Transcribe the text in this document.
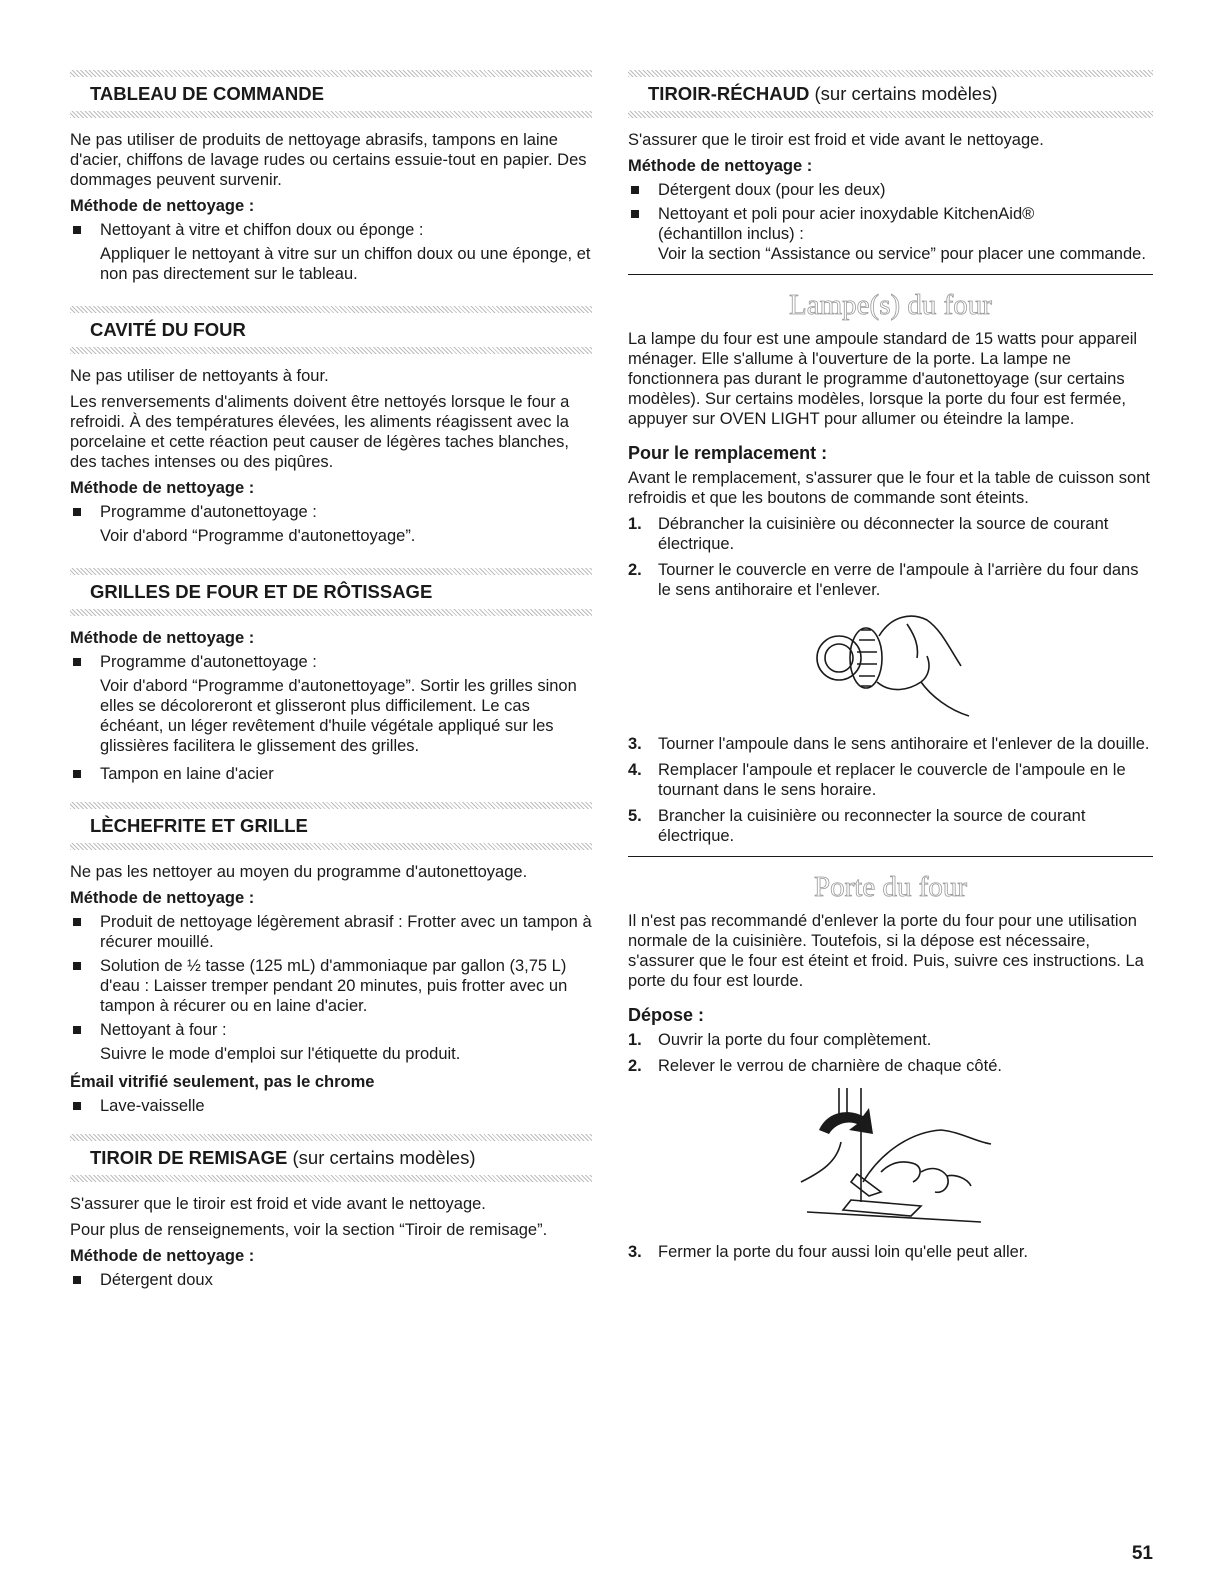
TABLEAU DE COMMANDE

Ne pas utiliser de produits de nettoyage abrasifs, tampons en laine d'acier, chiffons de lavage rudes ou certains essuie-tout en papier. Des dommages peuvent survenir.

Méthode de nettoyage :
Nettoyant à vitre et chiffon doux ou éponge :
Appliquer le nettoyant à vitre sur un chiffon doux ou une éponge, et non pas directement sur le tableau.
CAVITÉ DU FOUR

Ne pas utiliser de nettoyants à four.

Les renversements d'aliments doivent être nettoyés lorsque le four a refroidi. À des températures élevées, les aliments réagissent avec la porcelaine et cette réaction peut causer de légères taches blanches, des taches intenses ou des piqûres.

Méthode de nettoyage :
Programme d'autonettoyage :
Voir d'abord “Programme d'autonettoyage”.
GRILLES DE FOUR ET DE RÔTISSAGE
Méthode de nettoyage :
Programme d'autonettoyage :
Voir d'abord “Programme d'autonettoyage”. Sortir les grilles sinon elles se décoloreront et glisseront plus difficilement. Le cas échéant, un léger revêtement d'huile végétale appliqué sur les glissières facilitera le glissement des grilles.
Tampon en laine d'acier
LÈCHEFRITE ET GRILLE

Ne pas les nettoyer au moyen du programme d'autonettoyage.

Méthode de nettoyage :
Produit de nettoyage légèrement abrasif : Frotter avec un tampon à récurer mouillé.
Solution de ½ tasse (125 mL) d'ammoniaque par gallon (3,75 L) d'eau : Laisser tremper pendant 20 minutes, puis frotter avec un tampon à récurer ou en laine d'acier.
Nettoyant à four :
Suivre le mode d'emploi sur l'étiquette du produit.
Émail vitrifié seulement, pas le chrome
Lave-vaisselle
TIROIR DE REMISAGE (sur certains modèles)

S'assurer que le tiroir est froid et vide avant le nettoyage.

Pour plus de renseignements, voir la section “Tiroir de remisage”.

Méthode de nettoyage :
Détergent doux
TIROIR-RÉCHAUD (sur certains modèles)

S'assurer que le tiroir est froid et vide avant le nettoyage.

Méthode de nettoyage :
Détergent doux (pour les deux)
Nettoyant et poli pour acier inoxydable KitchenAid®
(échantillon inclus) :
Voir la section “Assistance ou service” pour placer une commande.
Lampe(s) du four

La lampe du four est une ampoule standard de 15 watts pour appareil ménager. Elle s'allume à l'ouverture de la porte. La lampe ne fonctionnera pas durant le programme d'autonettoyage (sur certains modèles). Sur certains modèles, lorsque la porte du four est fermée, appuyer sur OVEN LIGHT pour allumer ou éteindre la lampe.

Pour le remplacement :

Avant le remplacement, s'assurer que le four et la table de cuisson sont refroidis et que les boutons de commande sont éteints.

1. Débrancher la cuisinière ou déconnecter la source de courant électrique.
2. Tourner le couvercle en verre de l'ampoule à l'arrière du four dans le sens antihoraire et l'enlever.
3. Tourner l'ampoule dans le sens antihoraire et l'enlever de la douille.
4. Remplacer l'ampoule et replacer le couvercle de l'ampoule en le tournant dans le sens horaire.
5. Brancher la cuisinière ou reconnecter la source de courant électrique.
Porte du four

Il n'est pas recommandé d'enlever la porte du four pour une utilisation normale de la cuisinière. Toutefois, si la dépose est nécessaire, s'assurer que le four est éteint et froid. Puis, suivre ces instructions. La porte du four est lourde.

Dépose :
1. Ouvrir la porte du four complètement.
2. Relever le verrou de charnière de chaque côté.
3. Fermer la porte du four aussi loin qu'elle peut aller.
51
